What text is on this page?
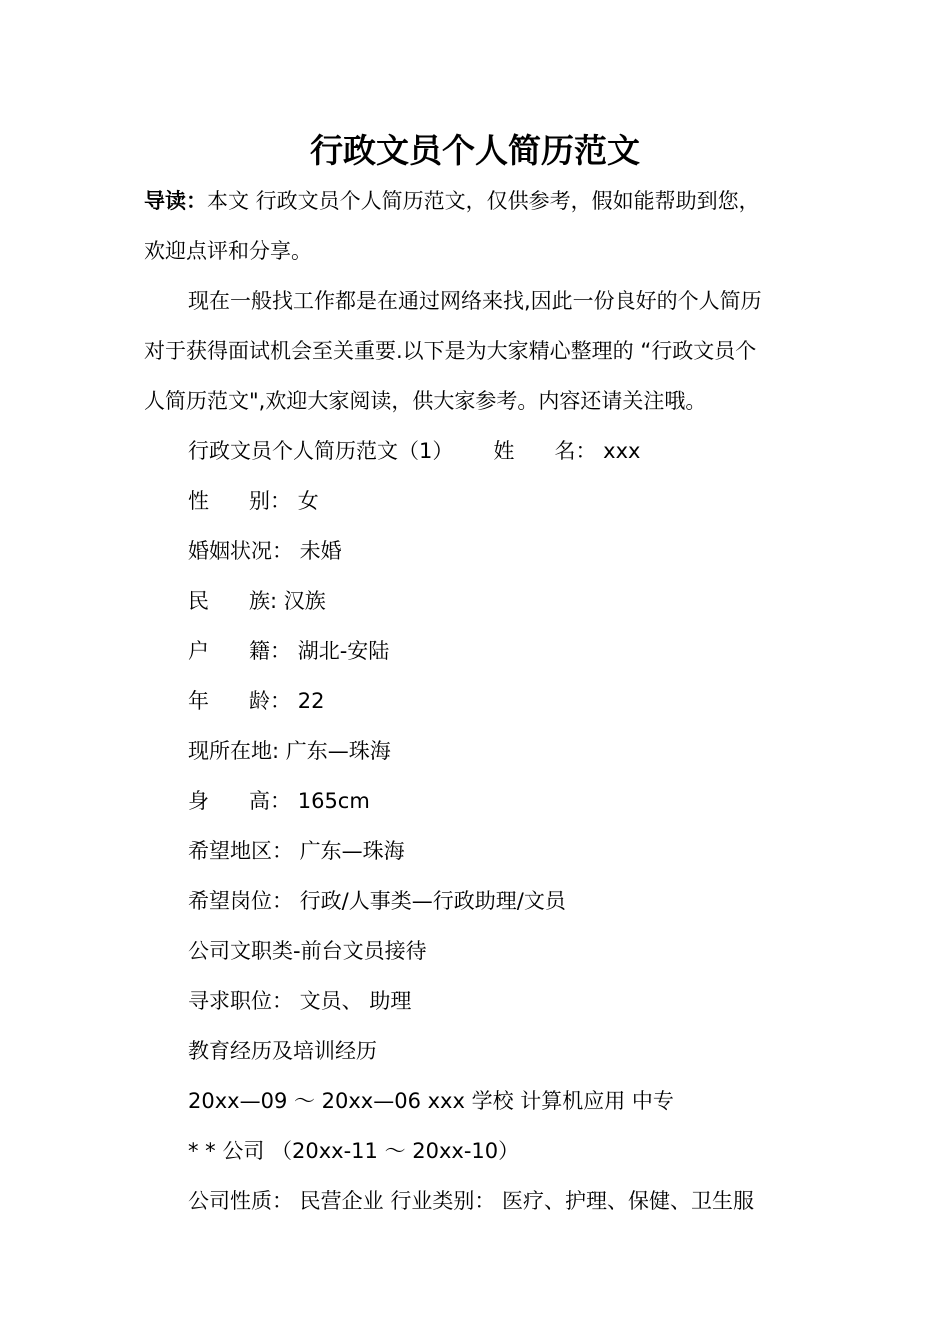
行政文员个人简历范文

导读：本文 行政文员个人简历范文，仅供参考，假如能帮助到您，

欢迎点评和分享。

现在一般找工作都是在通过网络来找,因此一份良好的个人简历

对于获得面试机会至关重要.以下是为大家精心整理的 “行政文员个

人简历范文",欢迎大家阅读，供大家参考。内容还请关注哦。

行政文员个人简历范文（1）      姓      名： xxx

性      别： 女

婚姻状况： 未婚

民      族: 汉族

户      籍： 湖北-安陆

年      龄： 22

现所在地: 广东—珠海

身      高： 165cm

希望地区： 广东—珠海

希望岗位： 行政/人事类—行政助理/文员

公司文职类-前台文员接待

寻求职位： 文员、 助理

教育经历及培训经历

20xx—09 ～ 20xx—06 xxx 学校 计算机应用 中专

* * 公司 （20xx-11 ～ 20xx-10）

公司性质： 民营企业 行业类别： 医疗、护理、保健、卫生服
